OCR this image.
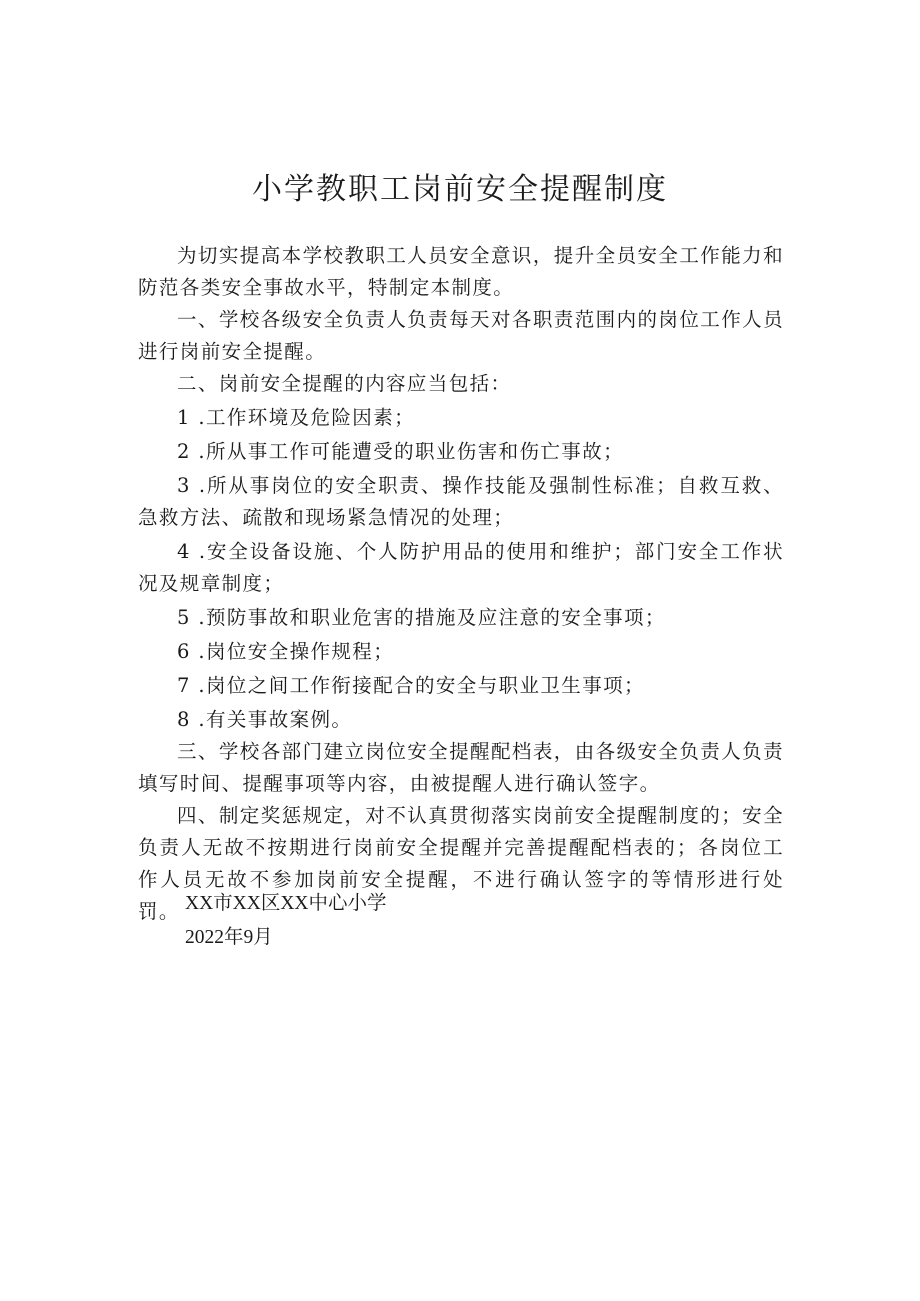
小学教职工岗前安全提醒制度

为切实提高本学校教职工人员安全意识，提升全员安全工作能力和防范各类安全事故水平，特制定本制度。

一、学校各级安全负责人负责每天对各职责范围内的岗位工作人员进行岗前安全提醒。

二、岗前安全提醒的内容应当包括：

1 .工作环境及危险因素；

2 .所从事工作可能遭受的职业伤害和伤亡事故；

3 .所从事岗位的安全职责、操作技能及强制性标准；自救互救、急救方法、疏散和现场紧急情况的处理；

4 .安全设备设施、个人防护用品的使用和维护；部门安全工作状况及规章制度；

5 .预防事故和职业危害的措施及应注意的安全事项；

6 .岗位安全操作规程；

7 .岗位之间工作衔接配合的安全与职业卫生事项；

8 .有关事故案例。

三、学校各部门建立岗位安全提醒配档表，由各级安全负责人负责填写时间、提醒事项等内容，由被提醒人进行确认签字。

四、制定奖惩规定，对不认真贯彻落实岗前安全提醒制度的；安全负责人无故不按期进行岗前安全提醒并完善提醒配档表的；各岗位工作人员无故不参加岗前安全提醒，不进行确认签字的等情形进行处罚。 XX市XX区XX中心小学
2022年9月
